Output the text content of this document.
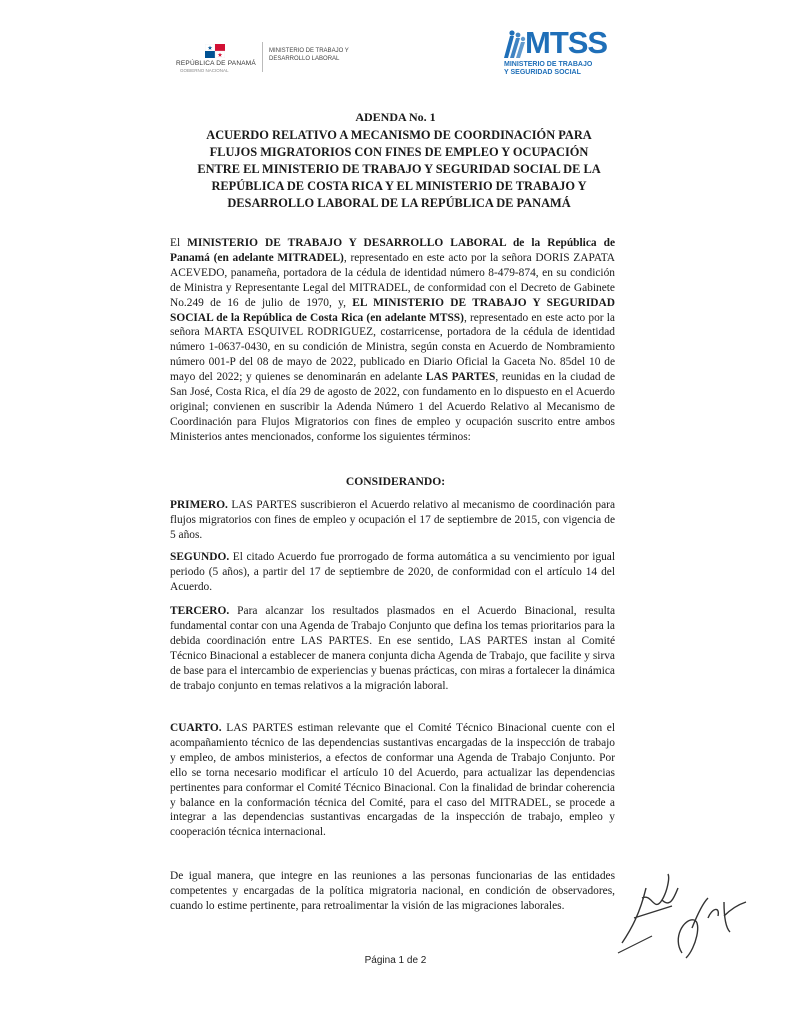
REPÚBLICA DE PANAMÁ
GOBIERNO NACIONAL
MINISTERIO DE TRABAJO Y DESARROLLO LABORAL	MTSS
MINISTERIO DE TRABAJO
Y SEGURIDAD SOCIAL
ADENDA No. 1
ACUERDO RELATIVO A MECANISMO DE COORDINACIÓN PARA FLUJOS MIGRATORIOS CON FINES DE EMPLEO Y OCUPACIÓN ENTRE EL MINISTERIO DE TRABAJO Y SEGURIDAD SOCIAL DE LA REPÚBLICA DE COSTA RICA Y EL MINISTERIO DE TRABAJO Y DESARROLLO LABORAL DE LA REPÚBLICA DE PANAMÁ
El MINISTERIO DE TRABAJO Y DESARROLLO LABORAL de la República de Panamá (en adelante MITRADEL), representado en este acto por la señora DORIS ZAPATA ACEVEDO, panameña, portadora de la cédula de identidad número 8-479-874, en su condición de Ministra y Representante Legal del MITRADEL, de conformidad con el Decreto de Gabinete No.249 de 16 de julio de 1970, y, EL MINISTERIO DE TRABAJO Y SEGURIDAD SOCIAL de la República de Costa Rica (en adelante MTSS), representado en este acto por la señora MARTA ESQUIVEL RODRIGUEZ, costarricense, portadora de la cédula de identidad número 1-0637-0430, en su condición de Ministra, según consta en Acuerdo de Nombramiento número 001-P del 08 de mayo de 2022, publicado en Diario Oficial la Gaceta No. 85del 10 de mayo del 2022; y quienes se denominarán en adelante LAS PARTES, reunidas en la ciudad de San José, Costa Rica, el día 29 de agosto de 2022, con fundamento en lo dispuesto en el Acuerdo original; convienen en suscribir la Adenda Número 1 del Acuerdo Relativo al Mecanismo de Coordinación para Flujos Migratorios con fines de empleo y ocupación suscrito entre ambos Ministerios antes mencionados, conforme los siguientes términos:
CONSIDERANDO:
PRIMERO. LAS PARTES suscribieron el Acuerdo relativo al mecanismo de coordinación para flujos migratorios con fines de empleo y ocupación el 17 de septiembre de 2015, con vigencia de 5 años.
SEGUNDO. El citado Acuerdo fue prorrogado de forma automática a su vencimiento por igual periodo (5 años), a partir del 17 de septiembre de 2020, de conformidad con el artículo 14 del Acuerdo.
TERCERO. Para alcanzar los resultados plasmados en el Acuerdo Binacional, resulta fundamental contar con una Agenda de Trabajo Conjunto que defina los temas prioritarios para la debida coordinación entre LAS PARTES. En ese sentido, LAS PARTES instan al Comité Técnico Binacional a establecer de manera conjunta dicha Agenda de Trabajo, que facilite y sirva de base para el intercambio de experiencias y buenas prácticas, con miras a fortalecer la dinámica de trabajo conjunto en temas relativos a la migración laboral.
CUARTO. LAS PARTES estiman relevante que el Comité Técnico Binacional cuente con el acompañamiento técnico de las dependencias sustantivas encargadas de la inspección de trabajo y empleo, de ambos ministerios, a efectos de conformar una Agenda de Trabajo Conjunto. Por ello se torna necesario modificar el artículo 10 del Acuerdo, para actualizar las dependencias pertinentes para conformar el Comité Técnico Binacional. Con la finalidad de brindar coherencia y balance en la conformación técnica del Comité, para el caso del MITRADEL, se procede a integrar a las dependencias sustantivas encargadas de la inspección de trabajo, empleo y cooperación técnica internacional.
De igual manera, que integre en las reuniones a las personas funcionarias de las entidades competentes y encargadas de la política migratoria nacional, en condición de observadores, cuando lo estime pertinente, para retroalimentar la visión de las migraciones laborales.
Página 1 de 2
